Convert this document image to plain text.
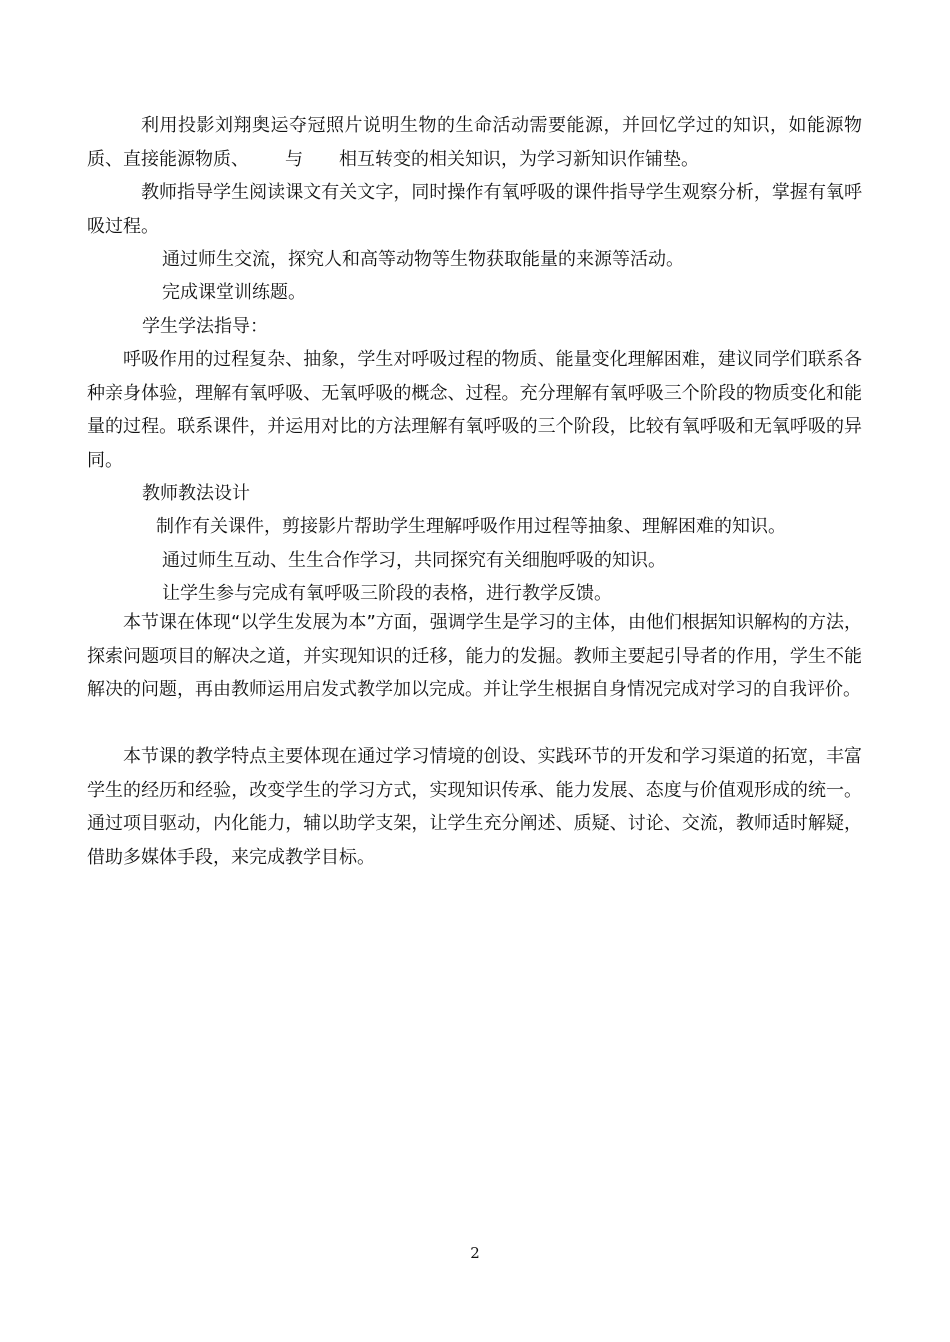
利用投影刘翔奥运夺冠照片说明生物的生命活动需要能源，并回忆学过的知识，如能源物质、直接能源物质、 与 相互转变的相关知识，为学习新知识作铺垫。

教师指导学生阅读课文有关文字，同时操作有氧呼吸的课件指导学生观察分析，掌握有氧呼吸过程。

通过师生交流，探究人和高等动物等生物获取能量的来源等活动。

完成课堂训练题。

学生学法指导：

呼吸作用的过程复杂、抽象，学生对呼吸过程的物质、能量变化理解困难，建议同学们联系各种亲身体验，理解有氧呼吸、无氧呼吸的概念、过程。充分理解有氧呼吸三个阶段的物质变化和能量的过程。联系课件，并运用对比的方法理解有氧呼吸的三个阶段，比较有氧呼吸和无氧呼吸的异同。

教师教法设计

制作有关课件，剪接影片帮助学生理解呼吸作用过程等抽象、理解困难的知识。

通过师生互动、生生合作学习，共同探究有关细胞呼吸的知识。

让学生参与完成有氧呼吸三阶段的表格，进行教学反馈。

本节课在体现“以学生发展为本”方面，强调学生是学习的主体，由他们根据知识解构的方法，探索问题项目的解决之道，并实现知识的迁移，能力的发掘。教师主要起引导者的作用，学生不能解决的问题，再由教师运用启发式教学加以完成。并让学生根据自身情况完成对学习的自我评价。

本节课的教学特点主要体现在通过学习情境的创设、实践环节的开发和学习渠道的拓宽，丰富学生的经历和经验，改变学生的学习方式，实现知识传承、能力发展、态度与价值观形成的统一。通过项目驱动，内化能力，辅以助学支架，让学生充分阐述、质疑、讨论、交流，教师适时解疑，借助多媒体手段，来完成教学目标。

2
